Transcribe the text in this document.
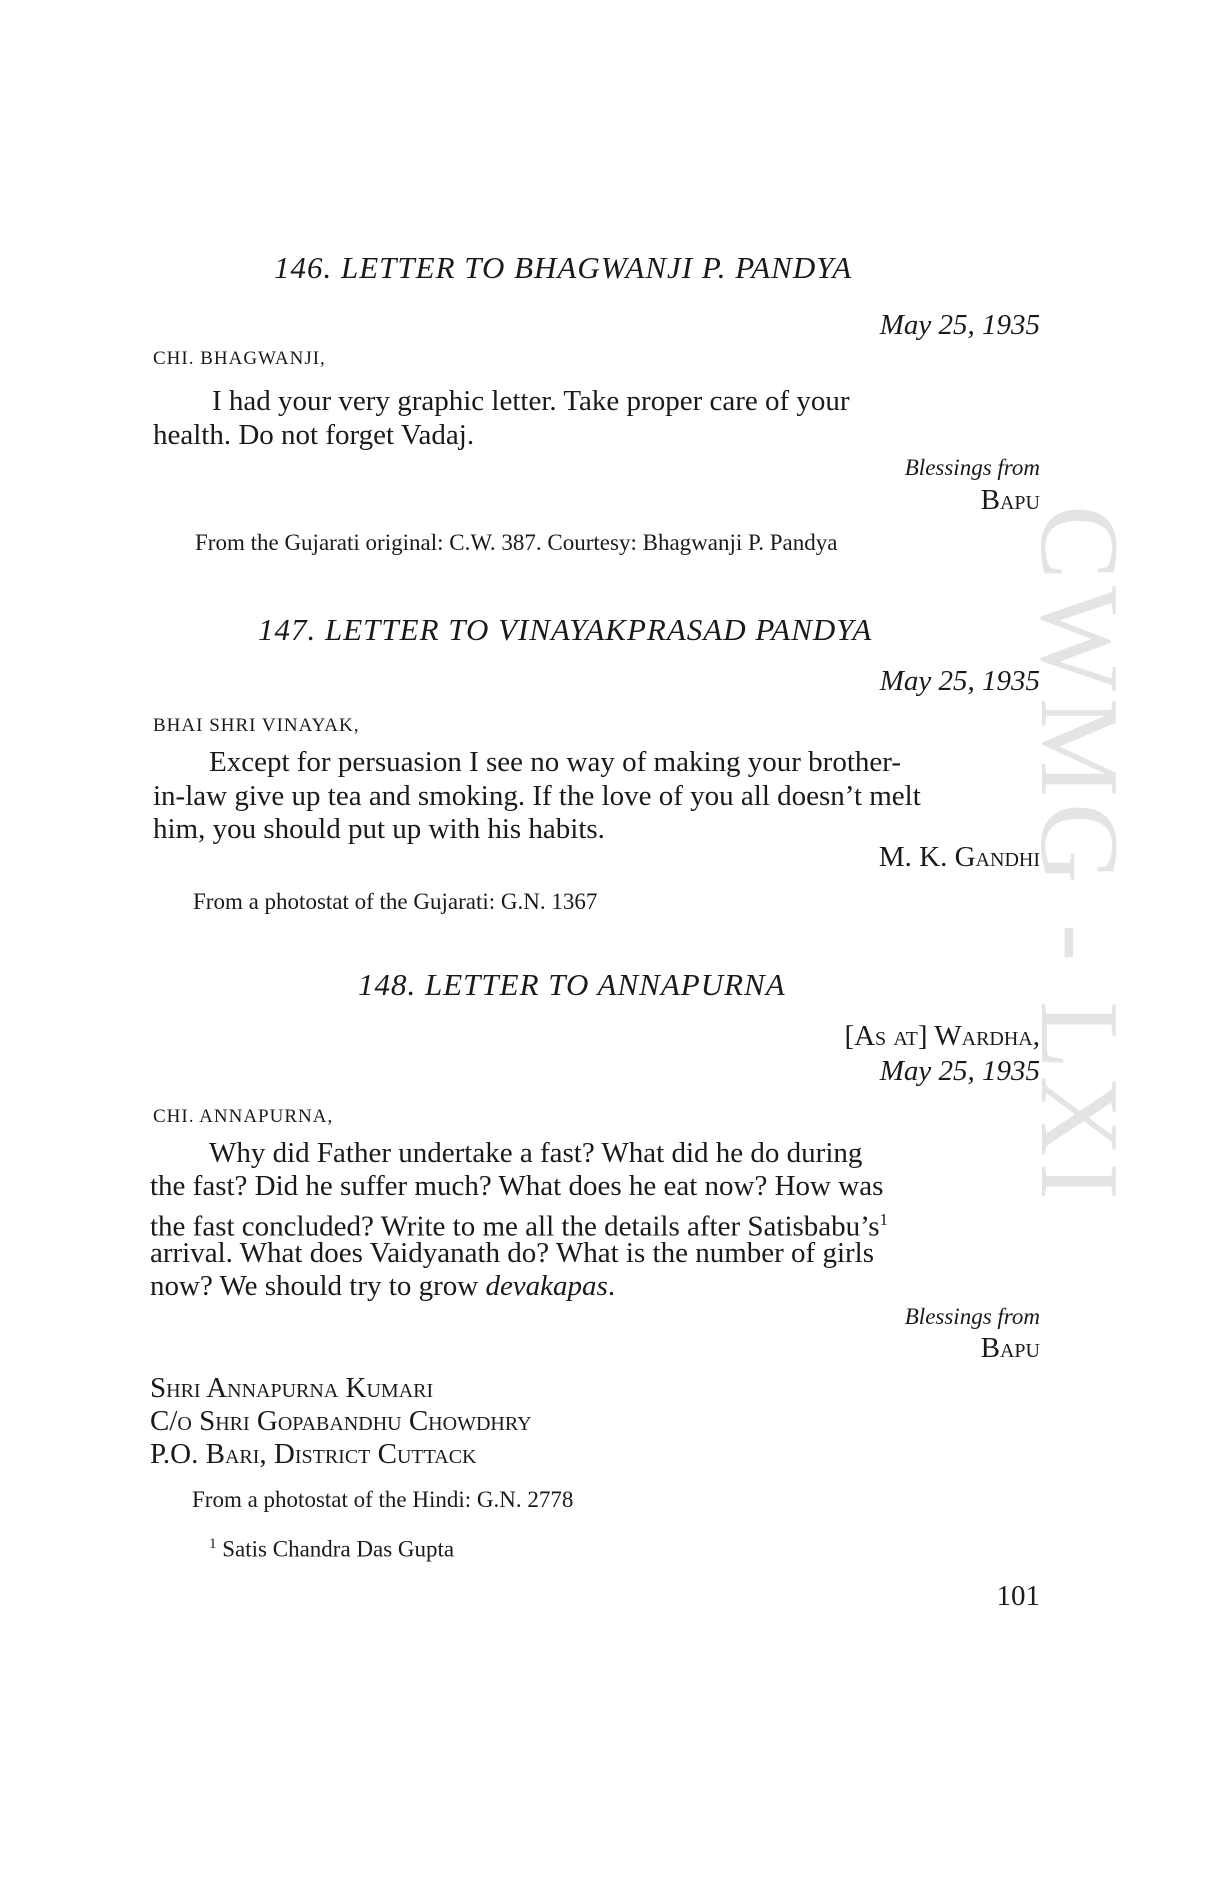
CWMG - LXI
146. LETTER TO BHAGWANJI P. PANDYA
May 25, 1935
CHI. BHAGWANJI,
I had your very graphic letter. Take proper care of your
health. Do not forget Vadaj.
Blessings from
Bapu
From the Gujarati original: C.W. 387. Courtesy: Bhagwanji P. Pandya
147. LETTER TO VINAYAKPRASAD PANDYA
May 25, 1935
BHAI SHRI VINAYAK,
Except for persuasion I see no way of making your brother-
in-law give up tea and smoking. If the love of you all doesn’t melt
him, you should put up with his habits.
M. K. Gandhi
From a photostat of the Gujarati: G.N. 1367
148. LETTER TO ANNAPURNA
[As at] Wardha,
May 25, 1935
CHI. ANNAPURNA,
Why did Father undertake a fast? What did he do during
the fast? Did he suffer much? What does he eat now? How was
the fast concluded? Write to me all the details after $Satisbabu’s^1$
arrival. What does Vaidyanath do? What is the number of girls
now? We should try to grow devakapas.
Blessings from
Bapu
Shri Annapurna Kumari
C/o Shri Gopabandhu Chowdhry
P.O. Bari, District Cuttack
From a photostat of the Hindi: G.N. 2778
$^1$ Satis Chandra Das Gupta
101
